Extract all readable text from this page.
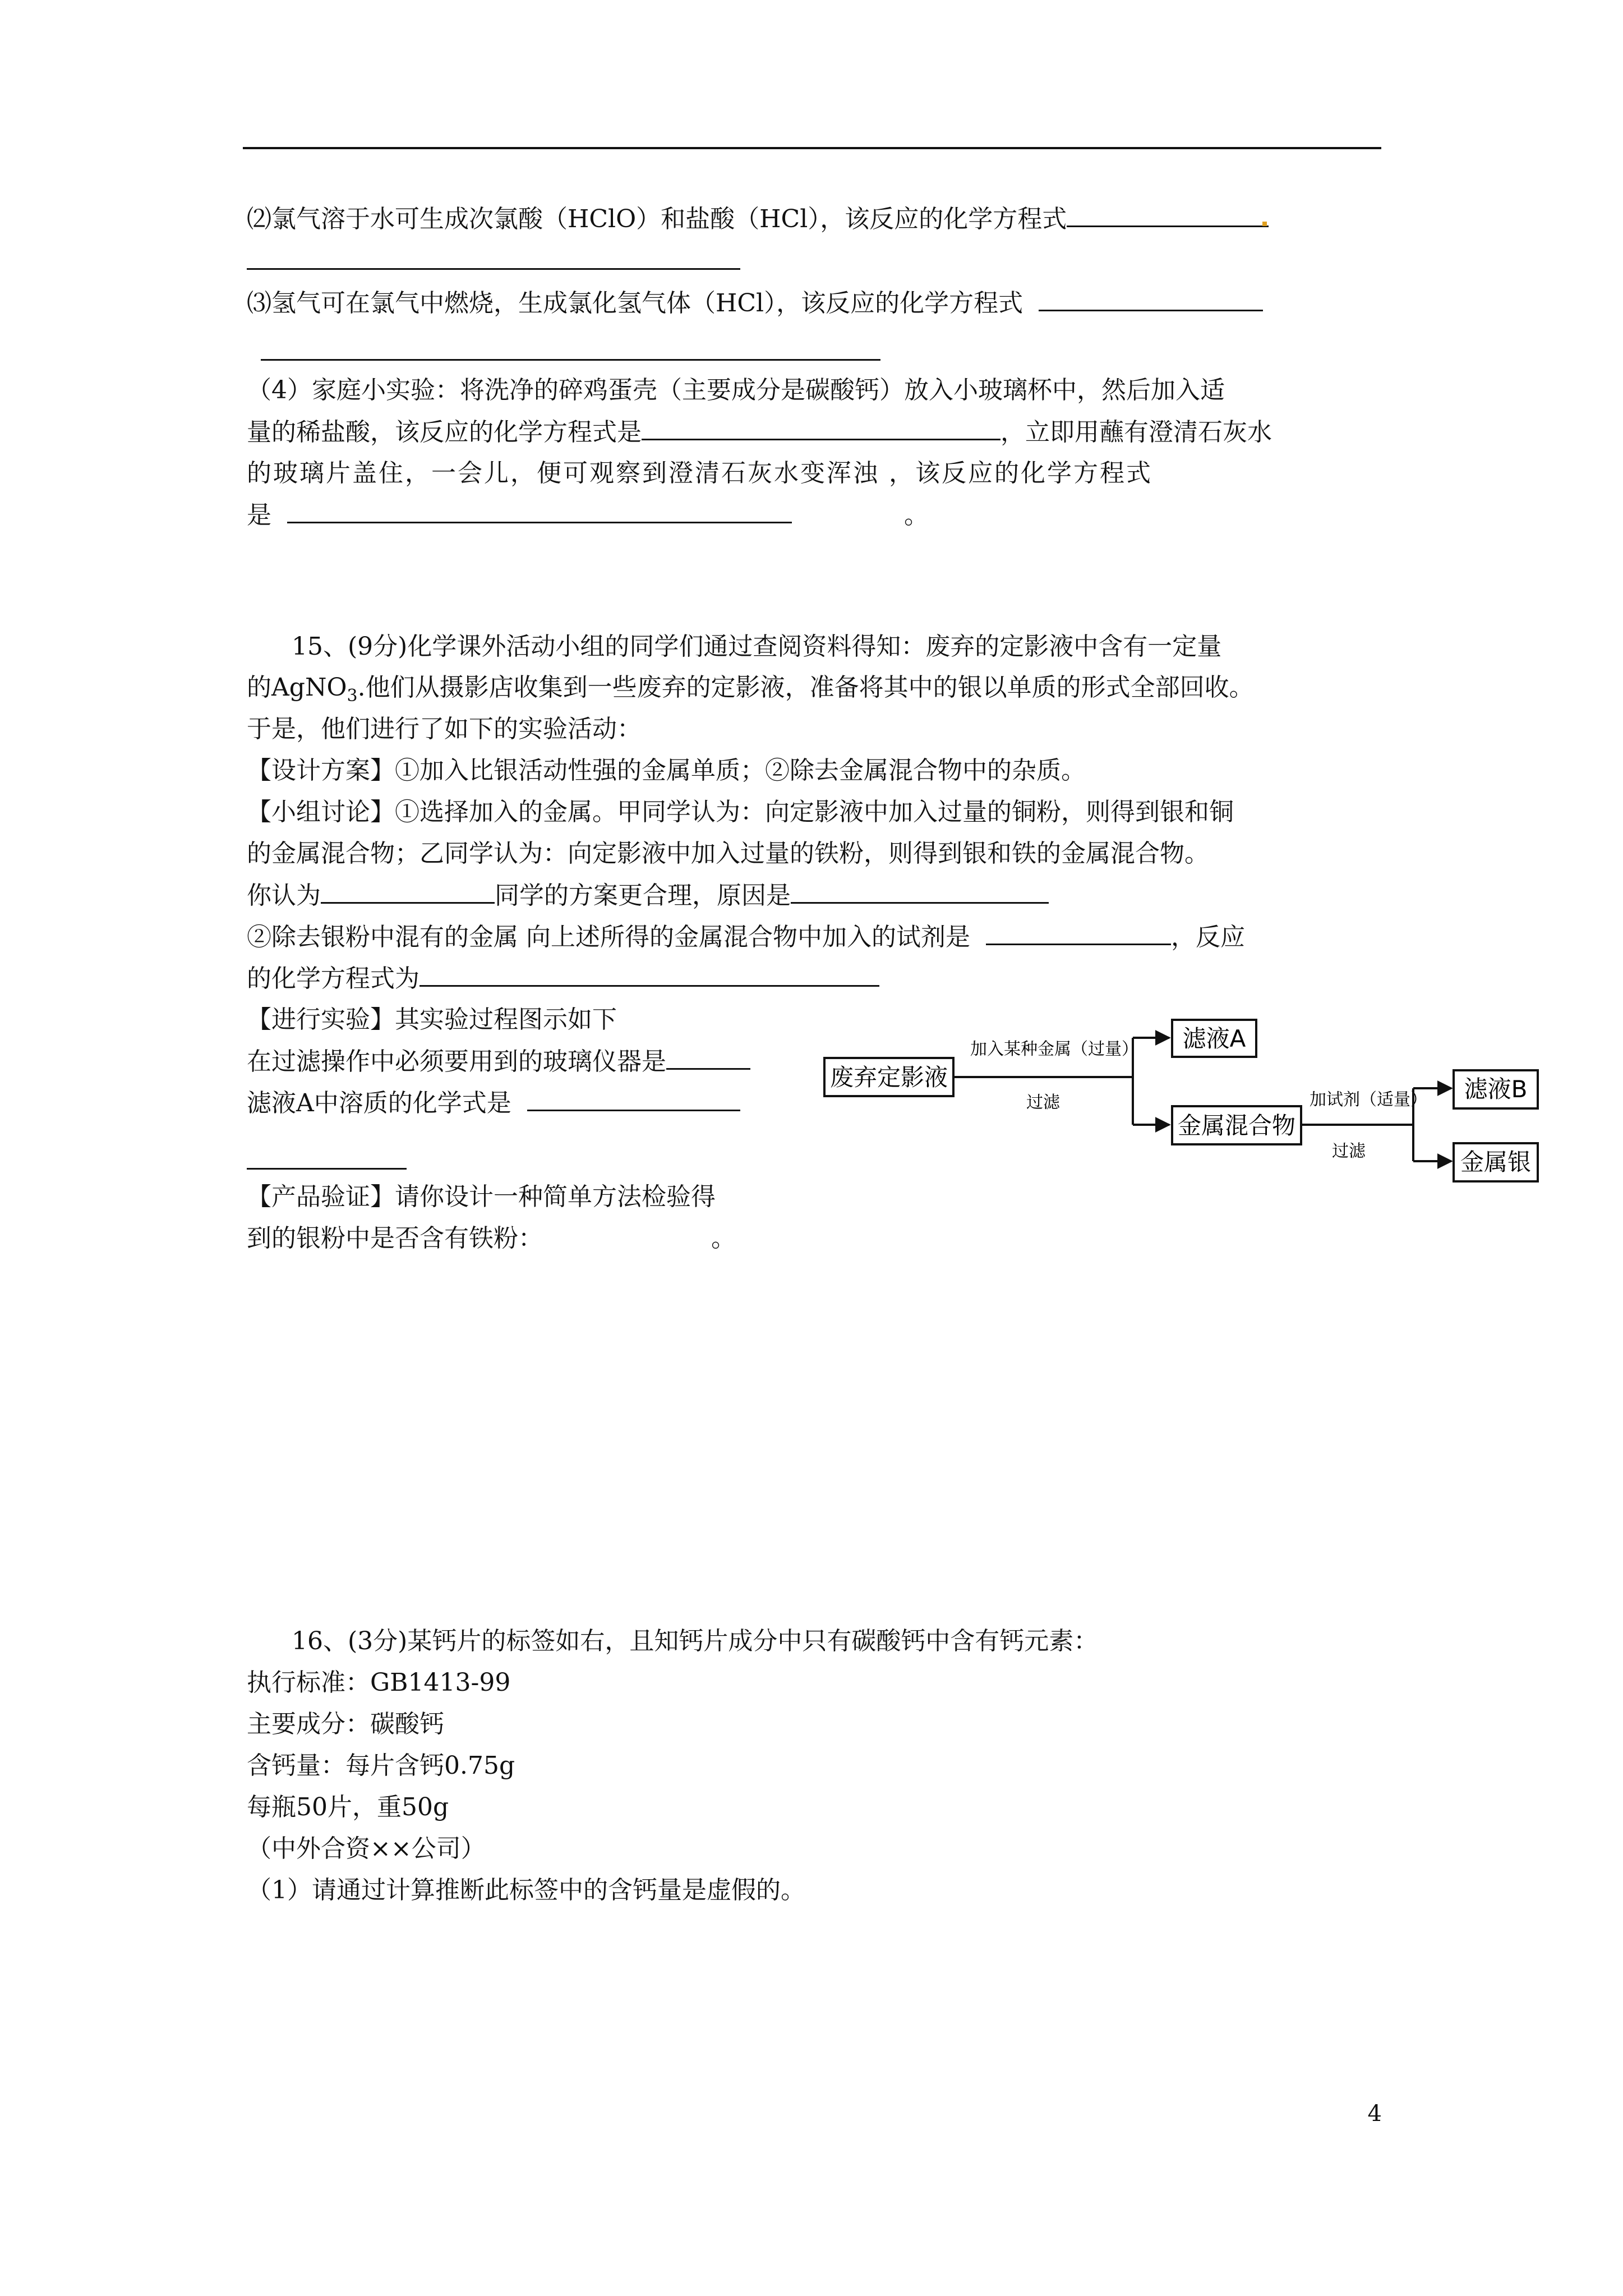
⑵氯气溶于水可生成次氯酸（HClO）和盐酸（HCl），该反应的化学方程式
⑶氢气可在氯气中燃烧，生成氯化氢气体（HCl），该反应的化学方程式
（4）家庭小实验：将洗净的碎鸡蛋壳（主要成分是碳酸钙）放入小玻璃杯中，然后加入适
量的稀盐酸，该反应的化学方程式是	，立即用蘸有澄清石灰水
的玻璃片盖住，一会儿，便可观察到澄清石灰水变浑浊 ，该反应的化学方程式
是	。
15、(9分)化学课外活动小组的同学们通过查阅资料得知：废弃的定影液中含有一定量
的AgNO$_3$.他们从摄影店收集到一些废弃的定影液，准备将其中的银以单质的形式全部回收。
于是，他们进行了如下的实验活动：
【设计方案】①加入比银活动性强的金属单质；②除去金属混合物中的杂质。
【小组讨论】①选择加入的金属。甲同学认为：向定影液中加入过量的铜粉，则得到银和铜
的金属混合物；乙同学认为：向定影液中加入过量的铁粉，则得到银和铁的金属混合物。
你认为	同学的方案更合理，原因是
②除去银粉中混有的金属 向上述所得的金属混合物中加入的试剂是	，反应
的化学方程式为
【进行实验】其实验过程图示如下
在过滤操作中必须要用到的玻璃仪器是
滤液A中溶质的化学式是
【产品验证】请你设计一种简单方法检验得
到的银粉中是否含有铁粉：	。
废弃定影液
加入某种金属（过量）
过滤
滤液A
金属混合物
加试剂（适量）
过滤
滤液B
金属银
16、(3分)某钙片的标签如右，且知钙片成分中只有碳酸钙中含有钙元素：
执行标准：GB1413-99
主要成分：碳酸钙
含钙量：每片含钙0.75g
每瓶50片，重50g
（中外合资××公司）
（1）请通过计算推断此标签中的含钙量是虚假的。
4
